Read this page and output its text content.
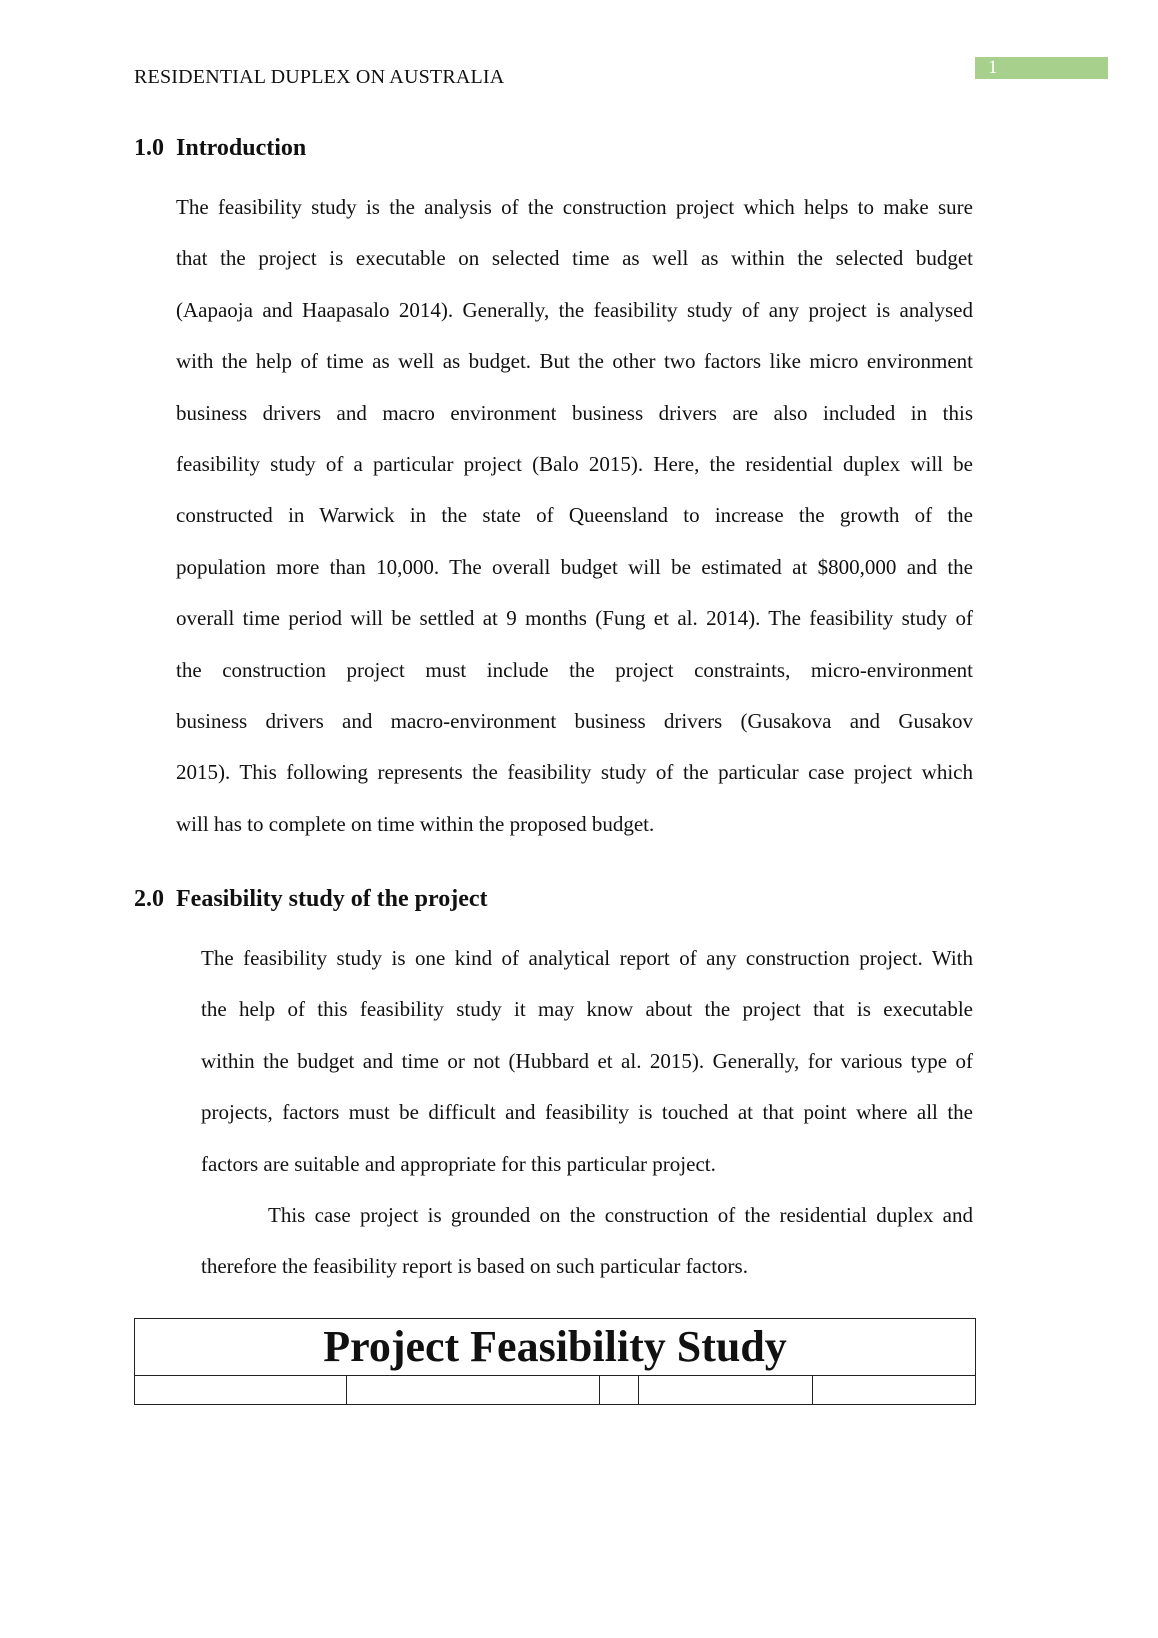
RESIDENTIAL DUPLEX ON AUSTRALIA	1
1.0 Introduction
The feasibility study is the analysis of the construction project which helps to make sure
that the project is executable on selected time as well as within the selected budget
(Aapaoja and Haapasalo 2014). Generally, the feasibility study of any project is analysed
with the help of time as well as budget. But the other two factors like micro environment
business drivers and macro environment business drivers are also included in this
feasibility study of a particular project (Balo 2015). Here, the residential duplex will be
constructed in Warwick in the state of Queensland to increase the growth of the
population more than 10,000. The overall budget will be estimated at $800,000 and the
overall time period will be settled at 9 months (Fung et al. 2014). The feasibility study of
the construction project must include the project constraints, micro-environment
business drivers and macro-environment business drivers (Gusakova and Gusakov
2015). This following represents the feasibility study of the particular case project which
will has to complete on time within the proposed budget.
2.0 Feasibility study of the project
The feasibility study is one kind of analytical report of any construction project. With
the help of this feasibility study it may know about the project that is executable
within the budget and time or not (Hubbard et al. 2015). Generally, for various type of
projects, factors must be difficult and feasibility is touched at that point where all the
factors are suitable and appropriate for this particular project.
This case project is grounded on the construction of the residential duplex and
therefore the feasibility report is based on such particular factors.
Project Feasibility Study
